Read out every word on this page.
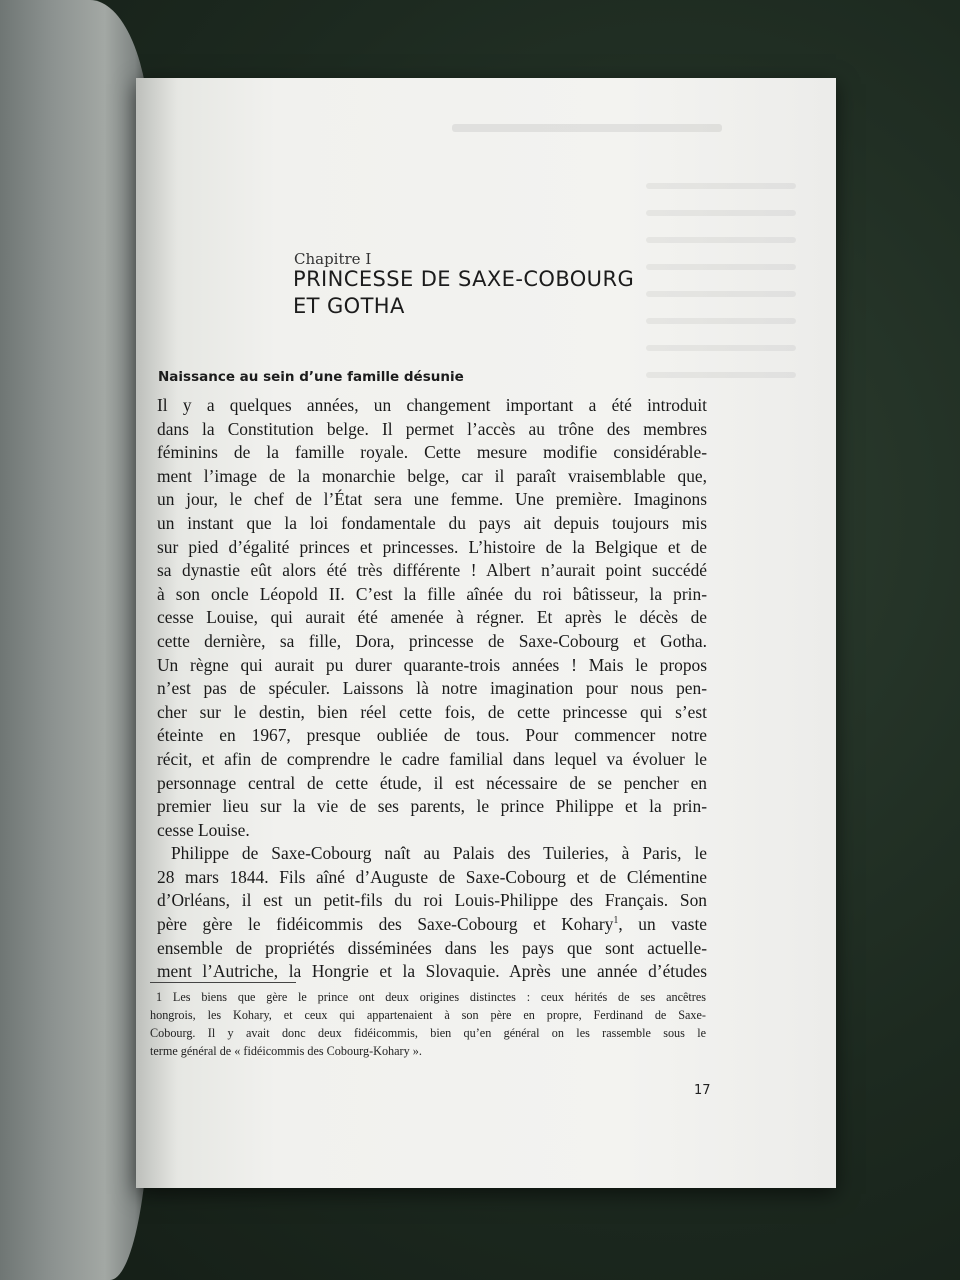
Chapitre I
PRINCESSE DE SAXE-COBOURG
ET GOTHA
Naissance au sein d’une famille désunie
Il y a quelques années, un changement important a été introduit
dans la Constitution belge. Il permet l’accès au trône des membres
féminins de la famille royale. Cette mesure modifie considérable-
ment l’image de la monarchie belge, car il paraît vraisemblable que,
un jour, le chef de l’État sera une femme. Une première. Imaginons
un instant que la loi fondamentale du pays ait depuis toujours mis
sur pied d’égalité princes et princesses. L’histoire de la Belgique et de
sa dynastie eût alors été très différente ! Albert n’aurait point succédé
à son oncle Léopold II. C’est la fille aînée du roi bâtisseur, la prin-
cesse Louise, qui aurait été amenée à régner. Et après le décès de
cette dernière, sa fille, Dora, princesse de Saxe-Cobourg et Gotha.
Un règne qui aurait pu durer quarante-trois années ! Mais le propos
n’est pas de spéculer. Laissons là notre imagination pour nous pen-
cher sur le destin, bien réel cette fois, de cette princesse qui s’est
éteinte en 1967, presque oubliée de tous. Pour commencer notre
récit, et afin de comprendre le cadre familial dans lequel va évoluer le
personnage central de cette étude, il est nécessaire de se pencher en
premier lieu sur la vie de ses parents, le prince Philippe et la prin-
cesse Louise.
Philippe de Saxe-Cobourg naît au Palais des Tuileries, à Paris, le
28 mars 1844. Fils aîné d’Auguste de Saxe-Cobourg et de Clémentine
d’Orléans, il est un petit-fils du roi Louis-Philippe des Français. Son
père gère le fidéicommis des Saxe-Cobourg et Kohary$^1$, un vaste
ensemble de propriétés disséminées dans les pays que sont actuelle-
ment l’Autriche, la Hongrie et la Slovaquie. Après une année d’études
1 Les biens que gère le prince ont deux origines distinctes : ceux hérités de ses ancêtres
hongrois, les Kohary, et ceux qui appartenaient à son père en propre, Ferdinand de Saxe-
Cobourg. Il y avait donc deux fidéicommis, bien qu’en général on les rassemble sous le
terme général de « fidéicommis des Cobourg-Kohary ».
17
